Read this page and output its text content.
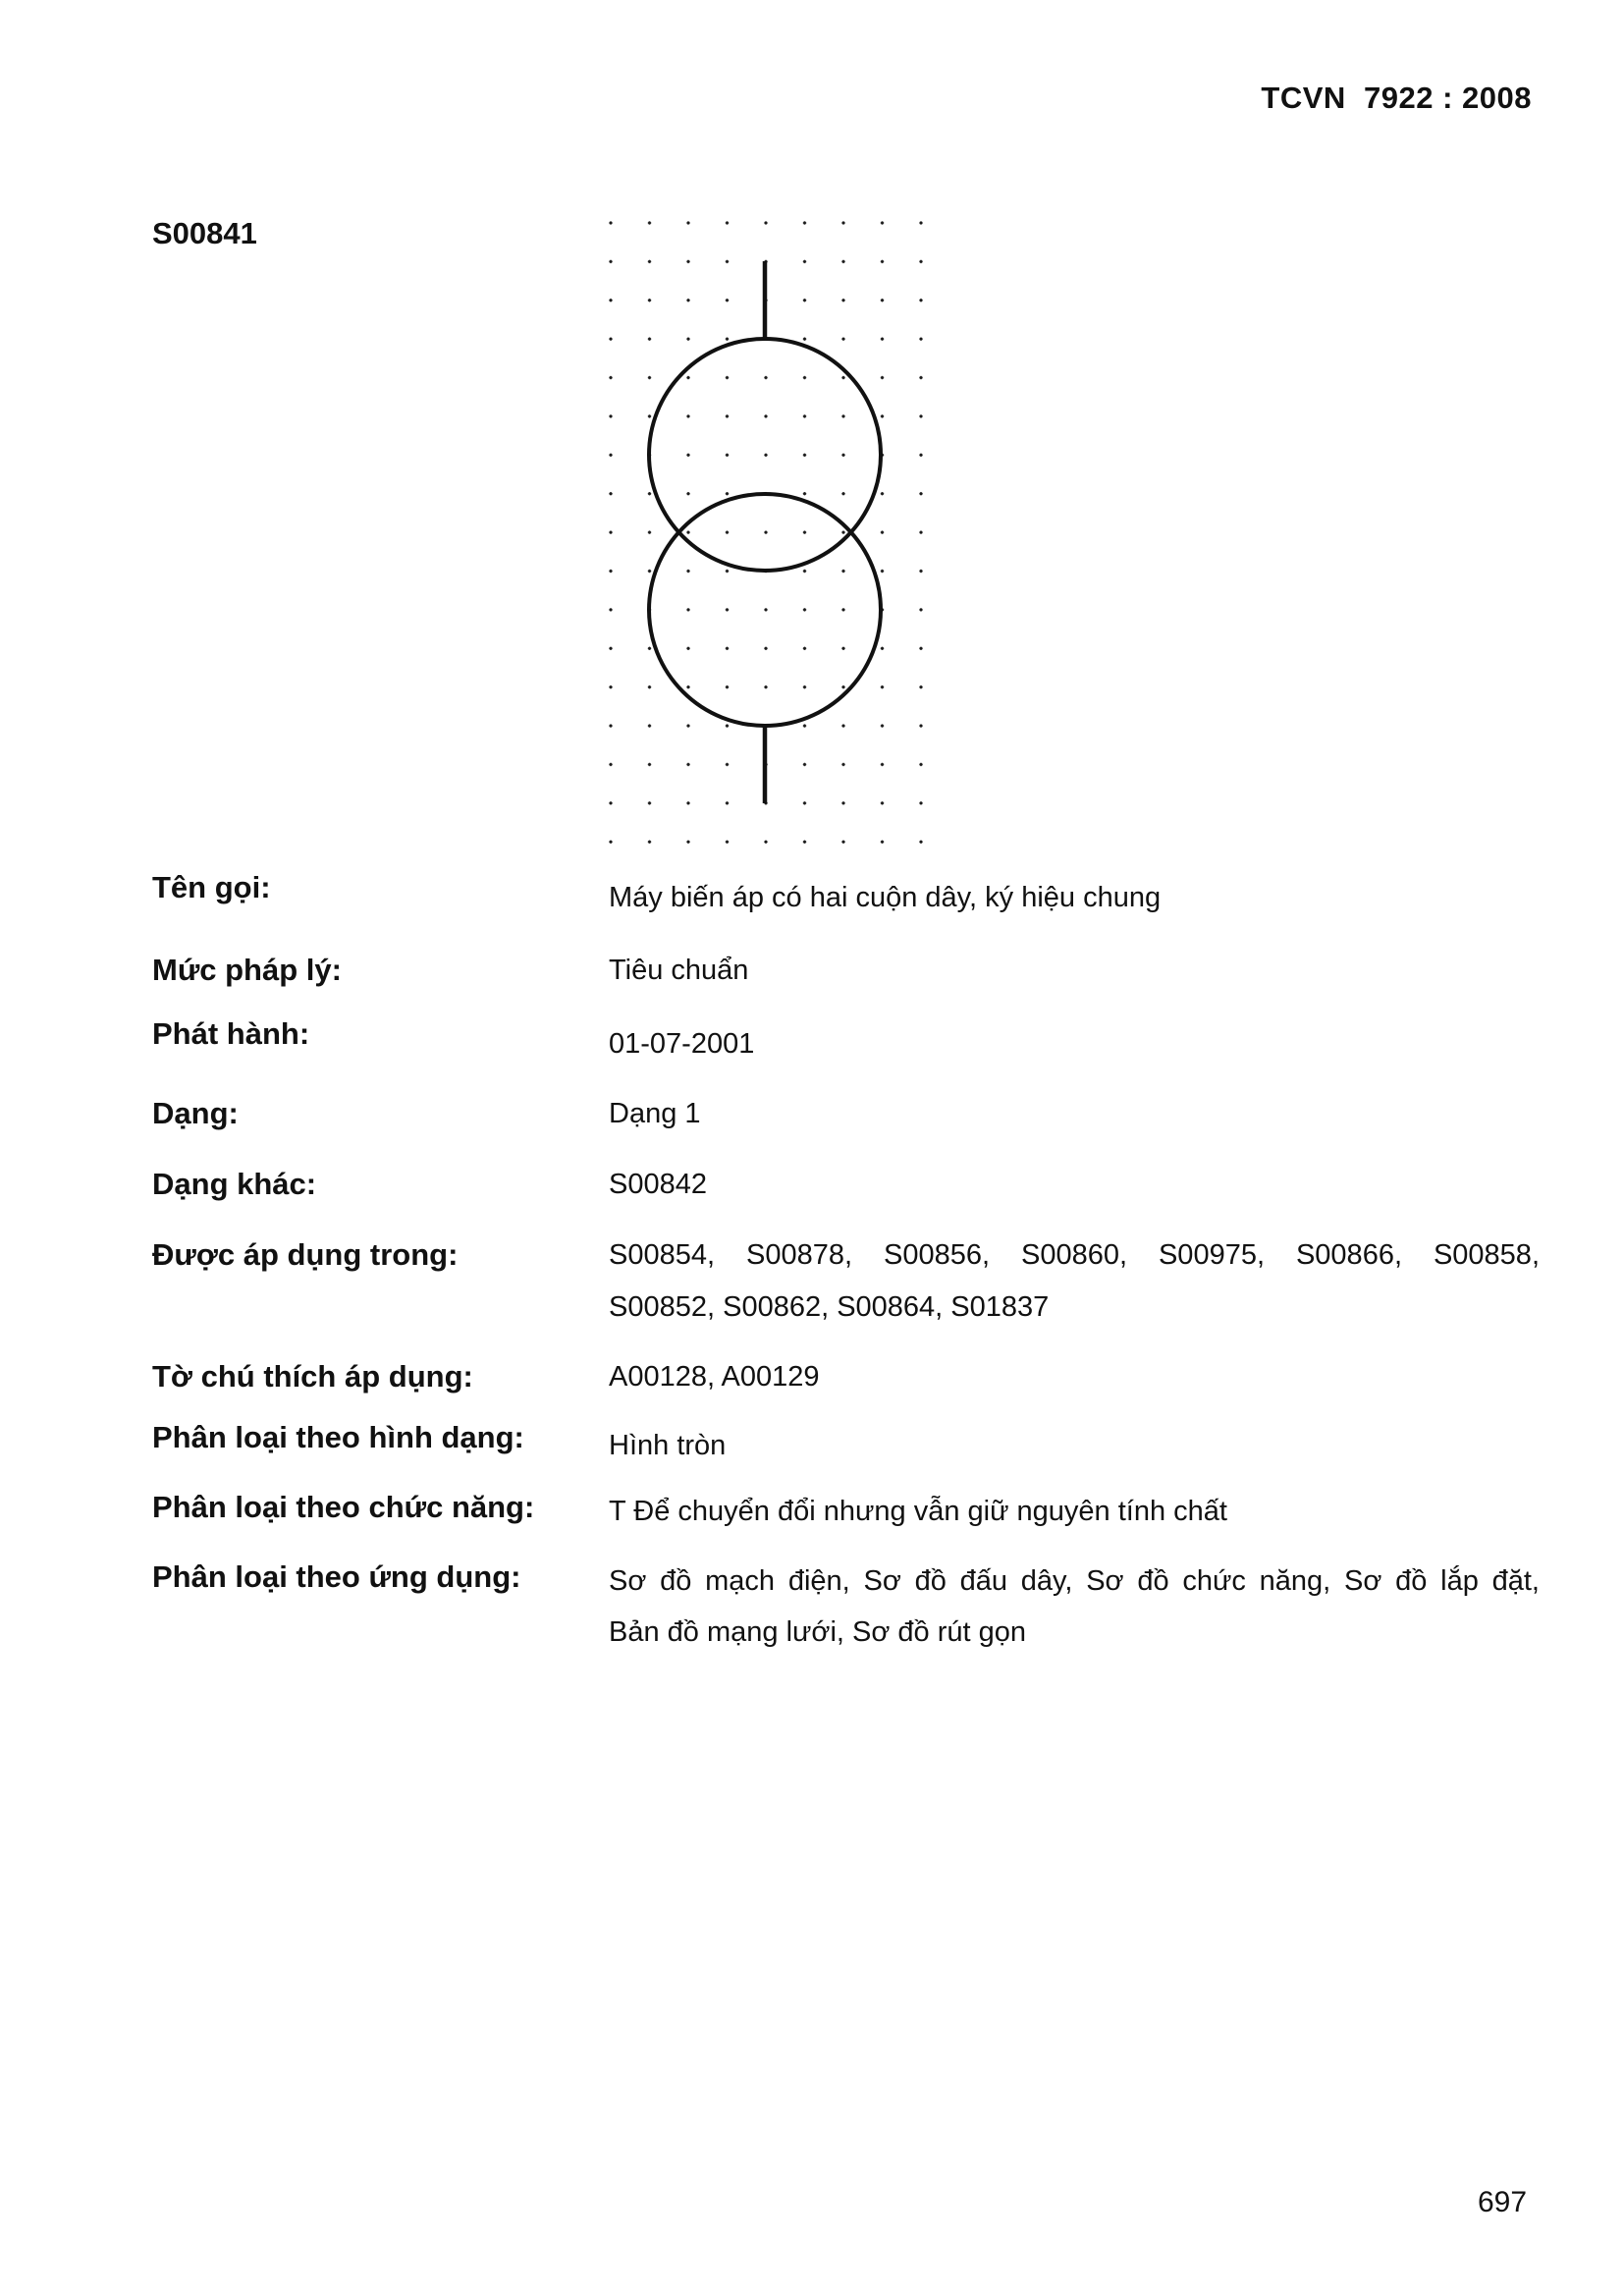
TCVN  7922 : 2008
S00841
Tên gọi:	Máy biến áp có hai cuộn dây, ký hiệu chung
Mức pháp lý:	Tiêu chuẩn
Phát hành:	01-07-2001
Dạng:	Dạng 1
Dạng khác:	S00842
Được áp dụng trong:	S00854, S00878, S00856, S00860, S00975, S00866, S00858,
S00852, S00862, S00864, S01837
Tờ chú thích áp dụng:	A00128, A00129
Phân loại theo hình dạng:	Hình tròn
Phân loại theo chức năng:	T Để chuyển đổi nhưng vẫn giữ nguyên tính chất
Phân loại theo ứng dụng:	Sơ đồ mạch điện, Sơ đồ đấu dây, Sơ đồ chức năng, Sơ đồ lắp đặt,
Bản đồ mạng lưới, Sơ đồ rút gọn
697
